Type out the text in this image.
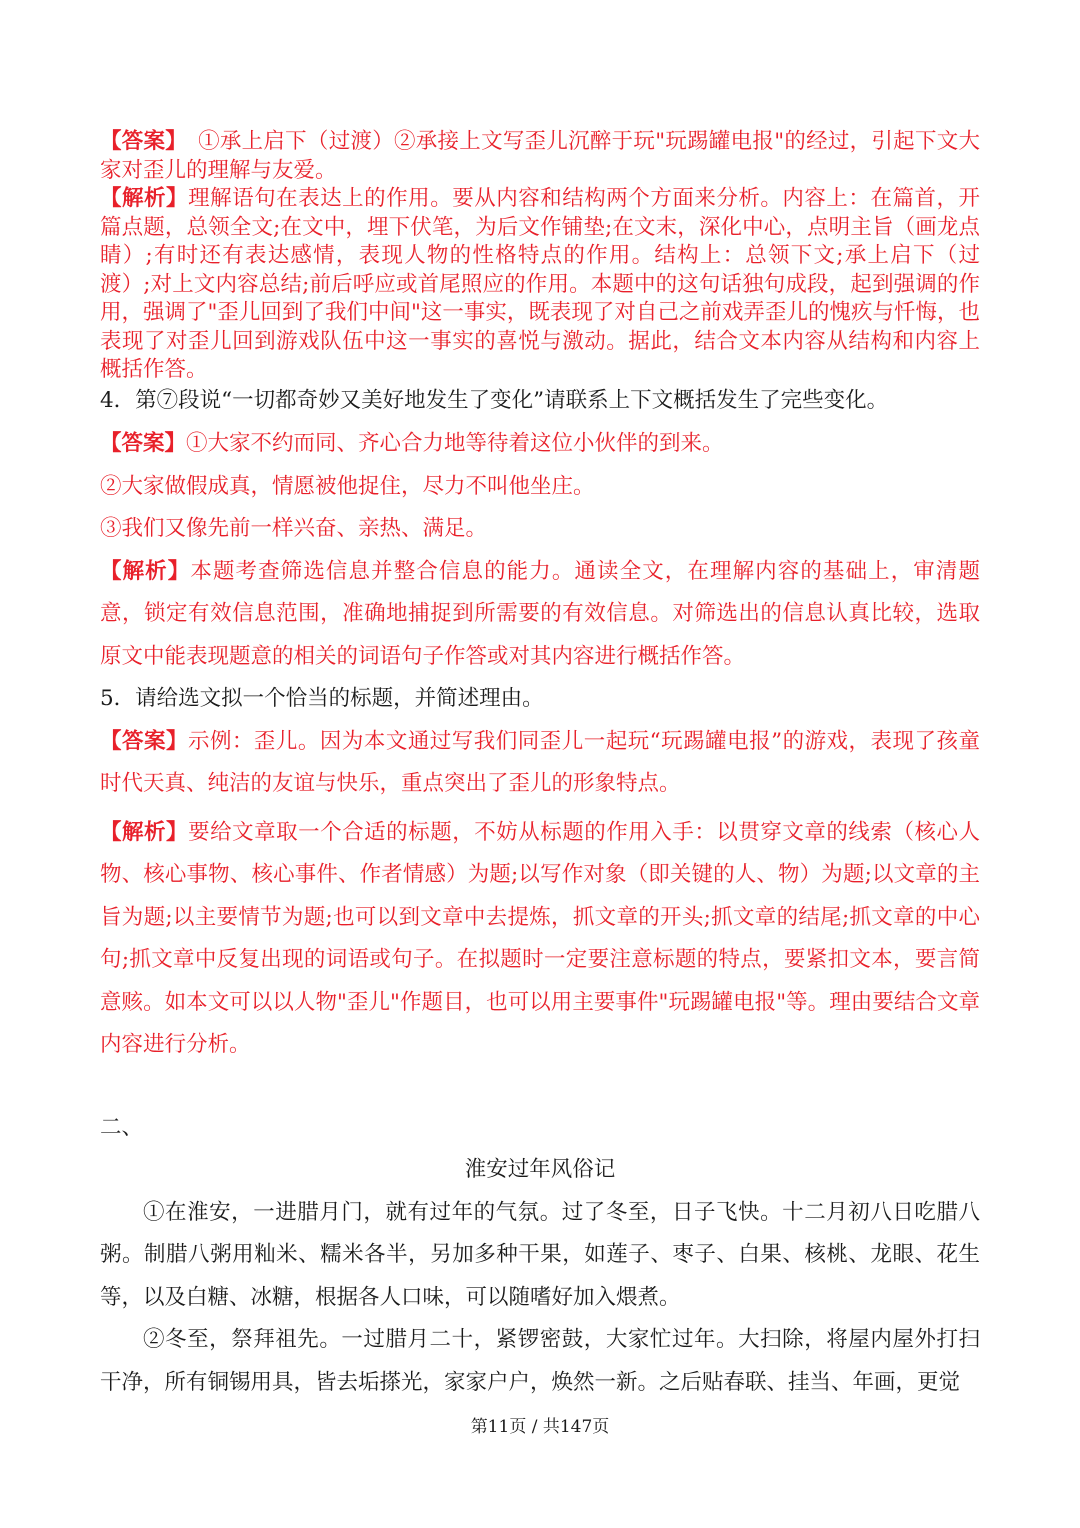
【答案】　①承上启下（过渡）②承接上文写歪儿沉醉于玩"玩踢罐电报"的经过，引起下文大家对歪儿的理解与友爱。

【解析】理解语句在表达上的作用。要从内容和结构两个方面来分析。内容上：在篇首，开篇点题，总领全文;在文中，埋下伏笔，为后文作铺垫;在文末，深化中心，点明主旨（画龙点睛）;有时还有表达感情，表现人物的性格特点的作用。结构上：总领下文;承上启下（过渡）;对上文内容总结;前后呼应或首尾照应的作用。本题中的这句话独句成段，起到强调的作用，强调了"歪儿回到了我们中间"这一事实，既表现了对自己之前戏弄歪儿的愧疚与忏悔，也表现了对歪儿回到游戏队伍中这一事实的喜悦与激动。据此，结合文本内容从结构和内容上概括作答。

4．第⑦段说“一切都奇妙又美好地发生了变化”请联系上下文概括发生了完些变化。

【答案】①大家不约而同、齐心合力地等待着这位小伙伴的到来。

②大家做假成真，情愿被他捉住，尽力不叫他坐庄。

③我们又像先前一样兴奋、亲热、满足。

【解析】本题考查筛选信息并整合信息的能力。通读全文，在理解内容的基础上，审清题意，锁定有效信息范围，准确地捕捉到所需要的有效信息。对筛选出的信息认真比较，选取原文中能表现题意的相关的词语句子作答或对其内容进行概括作答。

5．请给选文拟一个恰当的标题，并简述理由。

【答案】示例：歪儿。因为本文通过写我们同歪儿一起玩“玩踢罐电报”的游戏，表现了孩童时代天真、纯洁的友谊与快乐，重点突出了歪儿的形象特点。

【解析】要给文章取一个合适的标题，不妨从标题的作用入手：以贯穿文章的线索（核心人物、核心事物、核心事件、作者情感）为题;以写作对象（即关键的人、物）为题;以文章的主旨为题;以主要情节为题;也可以到文章中去提炼，抓文章的开头;抓文章的结尾;抓文章的中心句;抓文章中反复出现的词语或句子。在拟题时一定要注意标题的特点，要紧扣文本，要言简意赅。如本文可以以人物"歪儿"作题目，也可以用主要事件"玩踢罐电报"等。理由要结合文章内容进行分析。

二、

淮安过年风俗记

①在淮安，一进腊月门，就有过年的气氛。过了冬至，日子飞快。十二月初八日吃腊八粥。制腊八粥用籼米、糯米各半，另加多种干果，如莲子、枣子、白果、核桃、龙眼、花生等，以及白糖、冰糖，根据各人口味，可以随嗜好加入煨煮。

②冬至，祭拜祖先。一过腊月二十，紧锣密鼓，大家忙过年。大扫除，将屋内屋外打扫干净，所有铜锡用具，皆去垢搽光，家家户户，焕然一新。之后贴春联、挂当、年画，更觉

第11页 / 共147页
